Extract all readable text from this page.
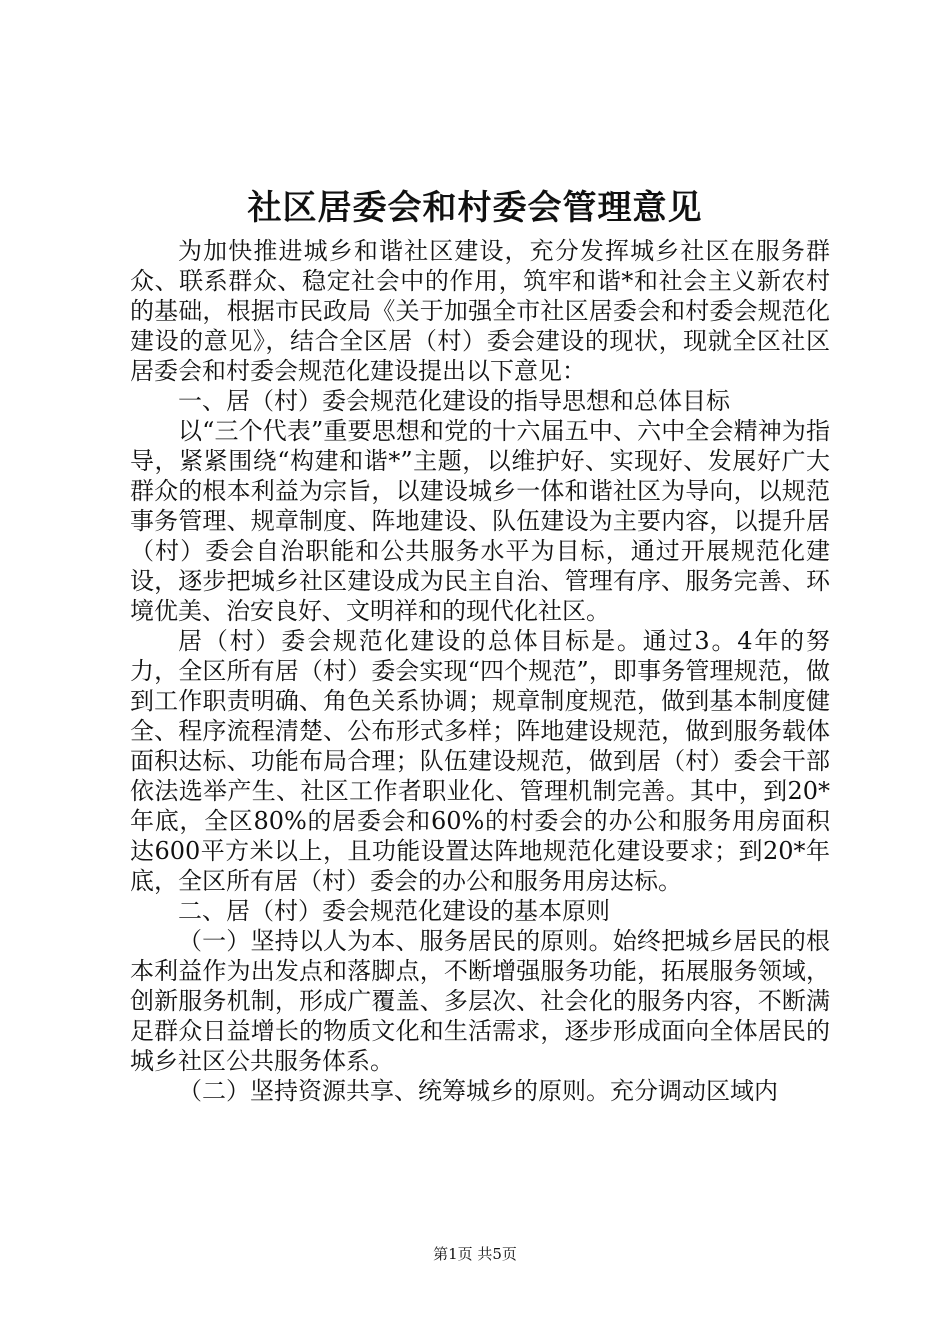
社区居委会和村委会管理意见

为加快推进城乡和谐社区建设，充分发挥城乡社区在服务群众、联系群众、稳定社会中的作用，筑牢和谐*和社会主义新农村的基础，根据市民政局《关于加强全市社区居委会和村委会规范化建设的意见》，结合全区居（村）委会建设的现状，现就全区社区居委会和村委会规范化建设提出以下意见：

一、居（村）委会规范化建设的指导思想和总体目标

以“三个代表”重要思想和党的十六届五中、六中全会精神为指导，紧紧围绕“构建和谐*”主题，以维护好、实现好、发展好广大群众的根本利益为宗旨，以建设城乡一体和谐社区为导向，以规范事务管理、规章制度、阵地建设、队伍建设为主要内容，以提升居（村）委会自治职能和公共服务水平为目标，通过开展规范化建设，逐步把城乡社区建设成为民主自治、管理有序、服务完善、环境优美、治安良好、文明祥和的现代化社区。

居（村）委会规范化建设的总体目标是。通过3。4年的努力，全区所有居（村）委会实现“四个规范”，即事务管理规范，做到工作职责明确、角色关系协调；规章制度规范，做到基本制度健全、程序流程清楚、公布形式多样；阵地建设规范，做到服务载体面积达标、功能布局合理；队伍建设规范，做到居（村）委会干部依法选举产生、社区工作者职业化、管理机制完善。其中，到20*年底，全区80%的居委会和60%的村委会的办公和服务用房面积达600平方米以上，且功能设置达阵地规范化建设要求；到20*年底，全区所有居（村）委会的办公和服务用房达标。

二、居（村）委会规范化建设的基本原则

（一）坚持以人为本、服务居民的原则。始终把城乡居民的根本利益作为出发点和落脚点，不断增强服务功能，拓展服务领域，创新服务机制，形成广覆盖、多层次、社会化的服务内容，不断满足群众日益增长的物质文化和生活需求，逐步形成面向全体居民的城乡社区公共服务体系。

（二）坚持资源共享、统筹城乡的原则。充分调动区域内

第1页 共5页
